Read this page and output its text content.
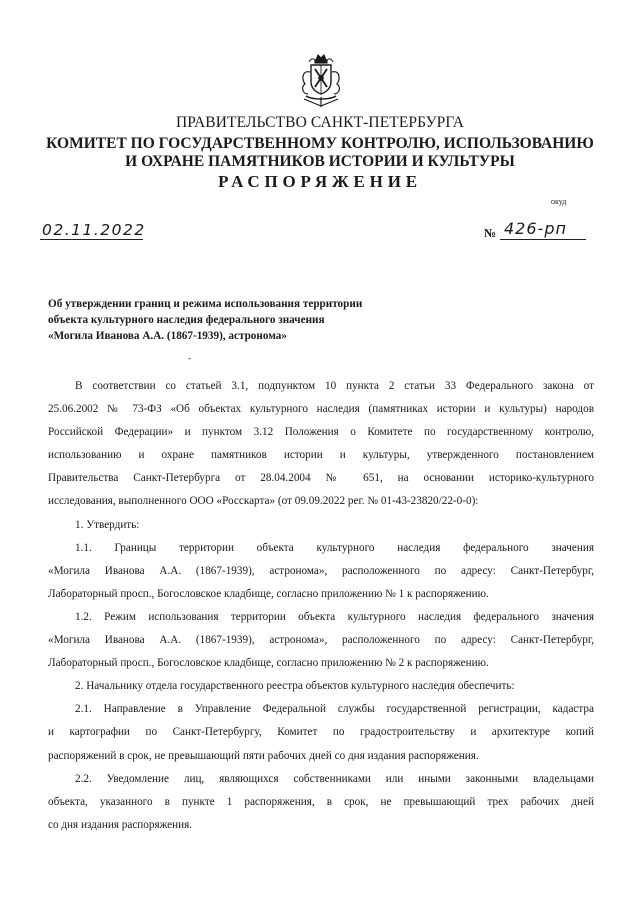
ПРАВИТЕЛЬСТВО САНКТ-ПЕТЕРБУРГА
КОМИТЕТ ПО ГОСУДАРСТВЕННОМУ КОНТРОЛЮ, ИСПОЛЬЗОВАНИЮ
И ОХРАНЕ ПАМЯТНИКОВ ИСТОРИИ И КУЛЬТУРЫ
РАСПОРЯЖЕНИЕ
окуд
02.11.2022	№ 426-рп
Об утверждении границ и режима использования территории
объекта культурного наследия федерального значения
«Могила Иванова А.А. (1867-1939), астронома»
-

В соответствии со статьей 3.1, подпунктом 10 пункта 2 статьи 33 Федерального закона от

25.06.2002 № 73-ФЗ «Об объектах культурного наследия (памятниках истории и культуры) народов

Российской Федерации» и пунктом 3.12 Положения о Комитете по государственному контролю,

использованию и охране памятников истории и культуры, утвержденного постановлением

Правительства Санкт-Петербурга от 28.04.2004 № 651, на основании историко-культурного

исследования, выполненного ООО «Росскарта» (от 09.09.2022 рег. № 01-43-23820/22-0-0):

1. Утвердить:

1.1. Границы территории объекта культурного наследия федерального значения

«Могила Иванова А.А. (1867-1939), астронома», расположенного по адресу: Санкт-Петербург,

Лабораторный просп., Богословское кладбище, согласно приложению № 1 к распоряжению.

1.2. Режим использования территории объекта культурного наследия федерального значения

«Могила Иванова А.А. (1867-1939), астронома», расположенного по адресу: Санкт-Петербург,

Лабораторный просп., Богословское кладбище, согласно приложению № 2 к распоряжению.

2. Начальнику отдела государственного реестра объектов культурного наследия обеспечить:

2.1. Направление в Управление Федеральной службы государственной регистрации, кадастра

и картографии по Санкт-Петербургу, Комитет по градостроительству и архитектуре копий

распоряжений в срок, не превышающий пяти рабочих дней со дня издания распоряжения.

2.2. Уведомление лиц, являющихся собственниками или иными законными владельцами

объекта, указанного в пункте 1 распоряжения, в срок, не превышающий трех рабочих дней

со дня издания распоряжения.
